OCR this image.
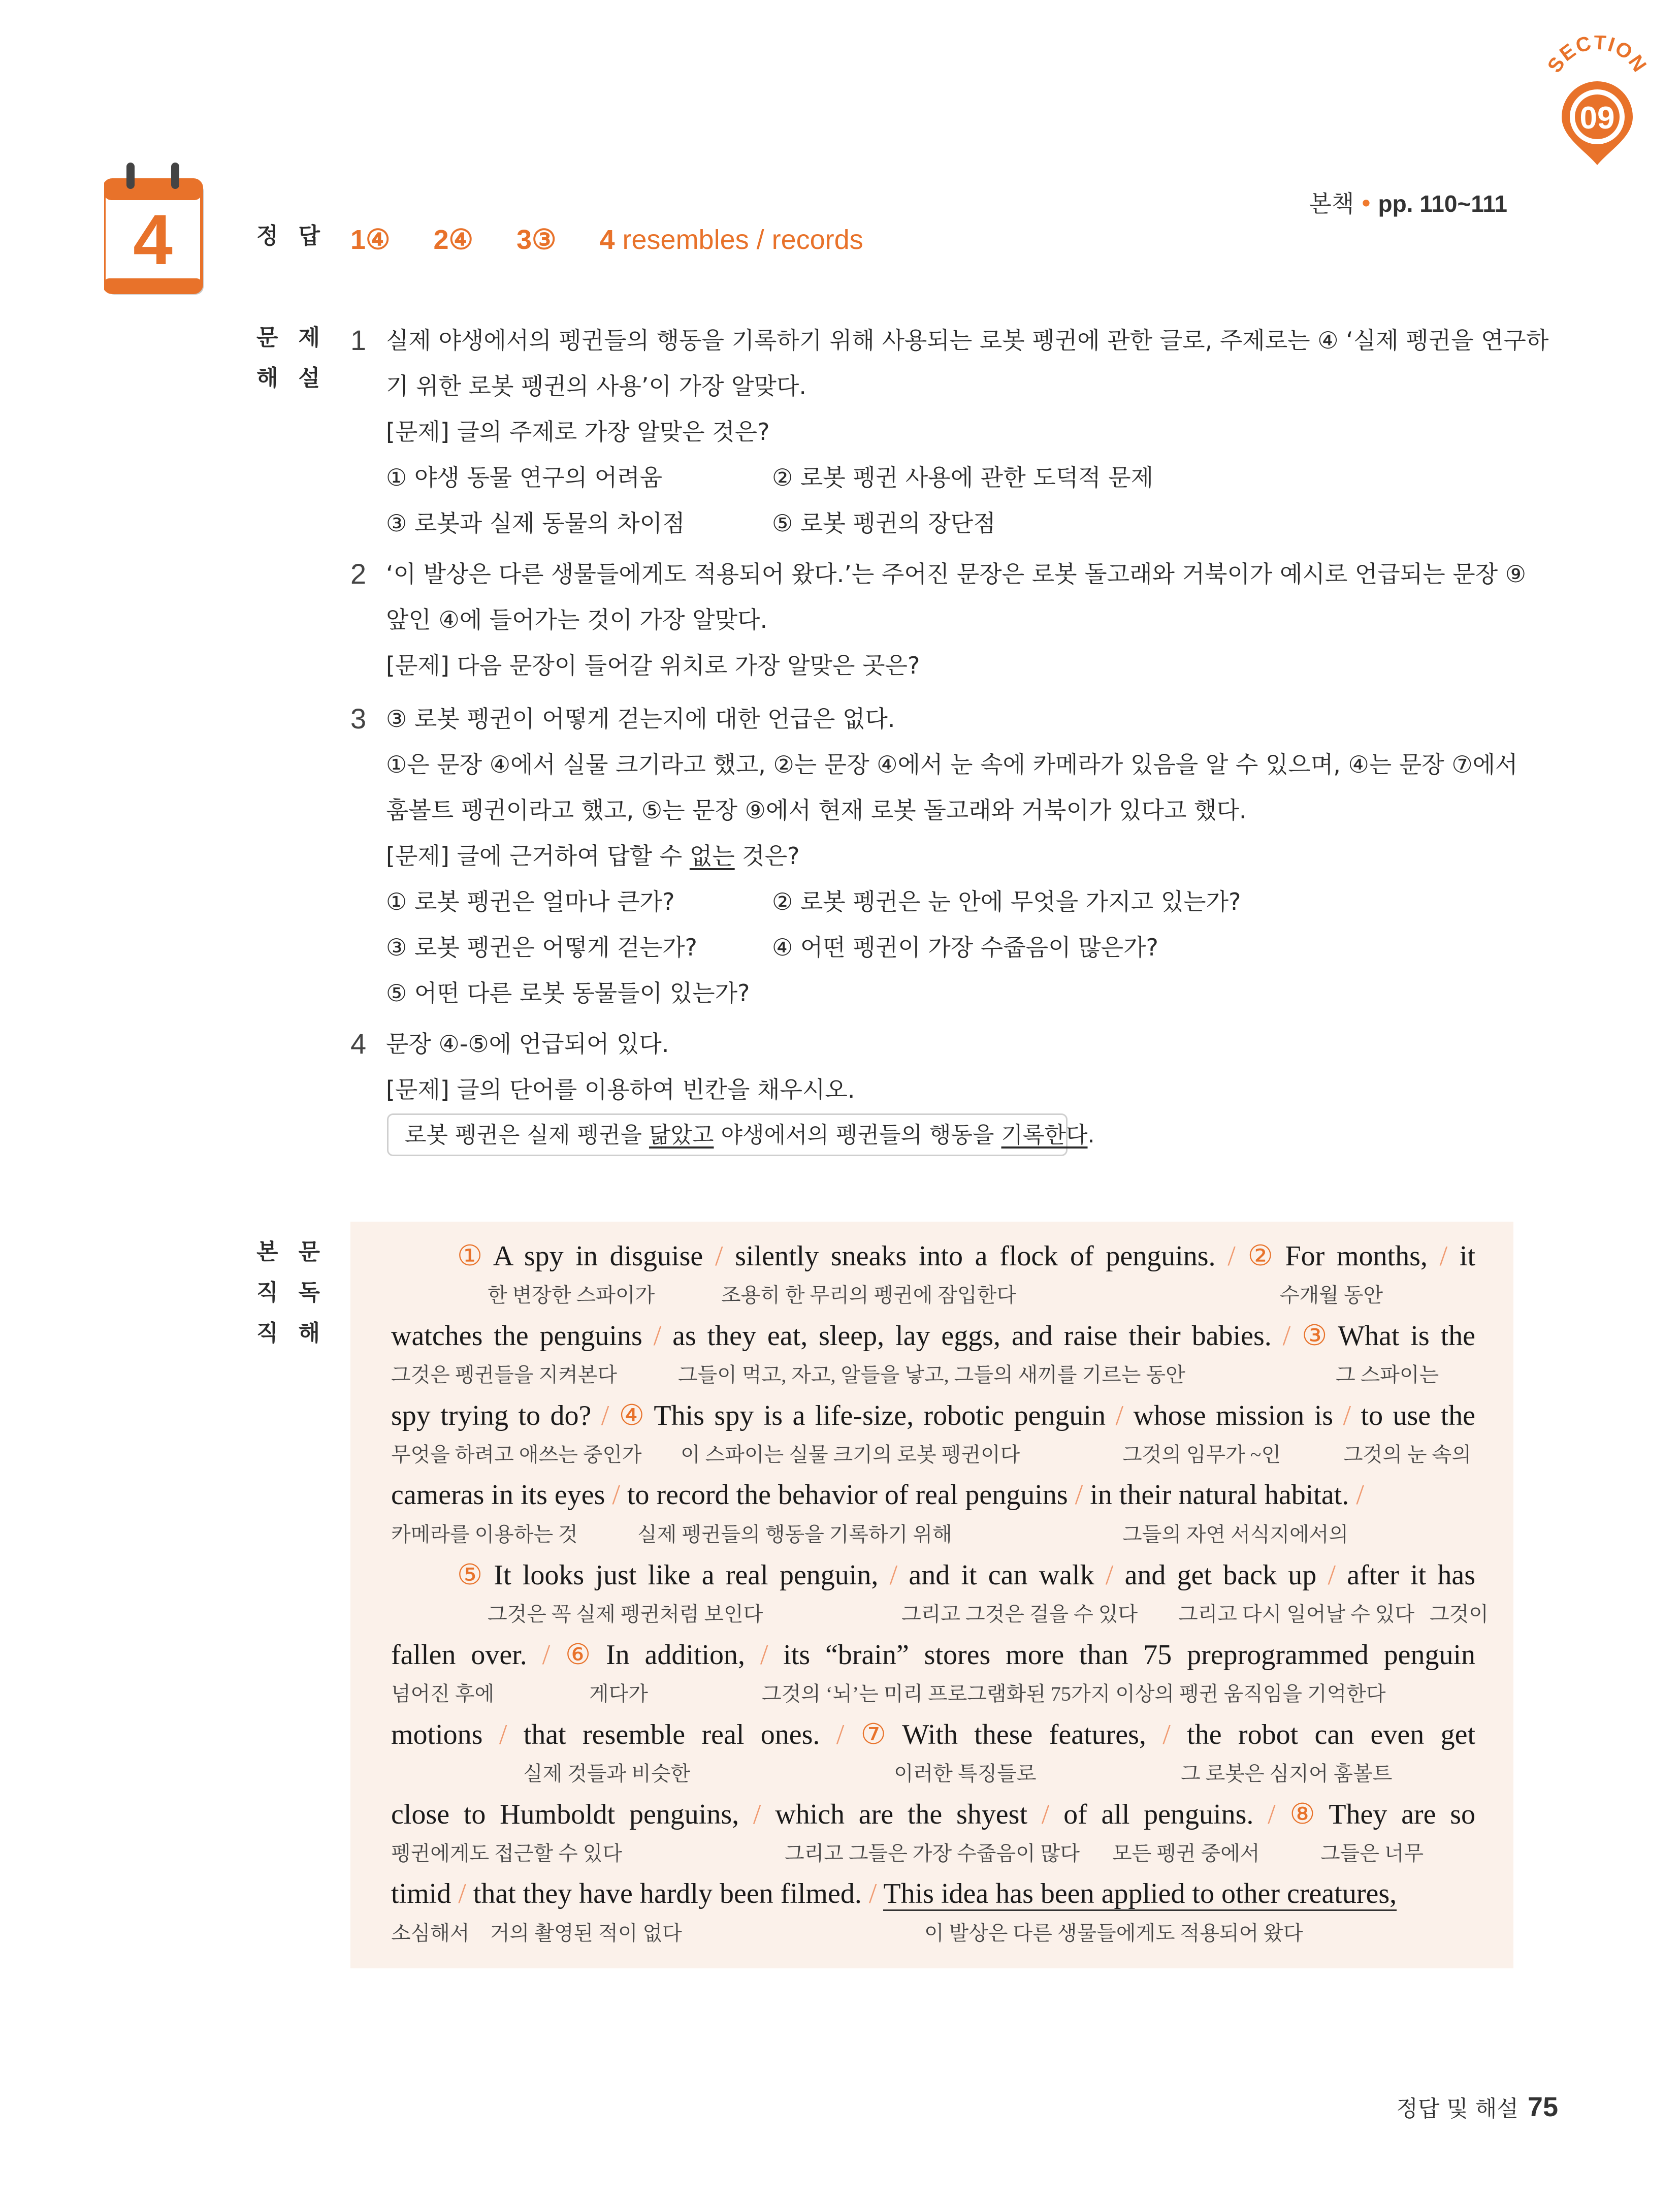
SECTION
09
4	본책 • pp. 110~111
정답 1④ 2④ 3③ 4 resembles / records
문제
해설
1 실제 야생에서의 펭귄들의 행동을 기록하기 위해 사용되는 로봇 펭귄에 관한 글로, 주제로는 ④ ‘실제 펭귄을 연구하
기 위한 로봇 펭귄의 사용’이 가장 알맞다.
[문제] 글의 주제로 가장 알맞은 것은?
① 야생 동물 연구의 어려움	② 로봇 펭귄 사용에 관한 도덕적 문제
③ 로봇과 실제 동물의 차이점	⑤ 로봇 펭귄의 장단점
2 ‘이 발상은 다른 생물들에게도 적용되어 왔다.’는 주어진 문장은 로봇 돌고래와 거북이가 예시로 언급되는 문장 ⑨
앞인 ④에 들어가는 것이 가장 알맞다.
[문제] 다음 문장이 들어갈 위치로 가장 알맞은 곳은?
3 ③ 로봇 펭귄이 어떻게 걷는지에 대한 언급은 없다.
①은 문장 ④에서 실물 크기라고 했고, ②는 문장 ④에서 눈 속에 카메라가 있음을 알 수 있으며, ④는 문장 ⑦에서
훔볼트 펭귄이라고 했고, ⑤는 문장 ⑨에서 현재 로봇 돌고래와 거북이가 있다고 했다.
[문제] 글에 근거하여 답할 수 없는 것은?
① 로봇 펭귄은 얼마나 큰가?	② 로봇 펭귄은 눈 안에 무엇을 가지고 있는가?
③ 로봇 펭귄은 어떻게 걷는가?	④ 어떤 펭귄이 가장 수줍음이 많은가?
⑤ 어떤 다른 로봇 동물들이 있는가?
4 문장 ④-⑤에 언급되어 있다.
[문제] 글의 단어를 이용하여 빈칸을 채우시오.
로봇 펭귄은 실제 펭귄을 닮았고 야생에서의 펭귄들의 행동을 기록한다.
본문
직독
직해
① A spy in disguise / silently sneaks into a flock of penguins. / ② For months, / it
한 변장한 스파이가	조용히 한 무리의 펭귄에 잠입한다	수개월 동안
watches the penguins / as they eat, sleep, lay eggs, and raise their babies. / ③ What is the
그것은 펭귄들을 지켜본다	그들이 먹고, 자고, 알들을 낳고, 그들의 새끼를 기르는 동안	그 스파이는
spy trying to do? / ④ This spy is a life-size, robotic penguin / whose mission is / to use the
무엇을 하려고 애쓰는 중인가 이 스파이는 실물 크기의 로봇 펭귄이다	그것의 임무가 ~인	그것의 눈 속의
cameras in its eyes / to record the behavior of real penguins / in their natural habitat. /
카메라를 이용하는 것	실제 펭귄들의 행동을 기록하기 위해	그들의 자연 서식지에서의
⑤ It looks just like a real penguin, / and it can walk / and get back up / after it has
그것은 꼭 실제 펭귄처럼 보인다	그리고 그것은 걸을 수 있다 그리고 다시 일어날 수 있다 그것이
fallen over. / ⑥ In addition, / its “brain” stores more than 75 preprogrammed penguin
넘어진 후에	게다가	그것의 ‘뇌’는 미리 프로그램화된 75가지 이상의 펭귄 움직임을 기억한다
motions / that resemble real ones. / ⑦ With these features, / the robot can even get
실제 것들과 비슷한	이러한 특징들로	그 로봇은 심지어 훔볼트
close to Humboldt penguins, / which are the shyest / of all penguins. / ⑧ They are so
펭귄에게도 접근할 수 있다	그리고 그들은 가장 수줍음이 많다 모든 펭귄 중에서	그들은 너무
timid / that they have hardly been filmed. / This idea has been applied to other creatures,
소심해서 거의 촬영된 적이 없다	이 발상은 다른 생물들에게도 적용되어 왔다
정답 및 해설 75
